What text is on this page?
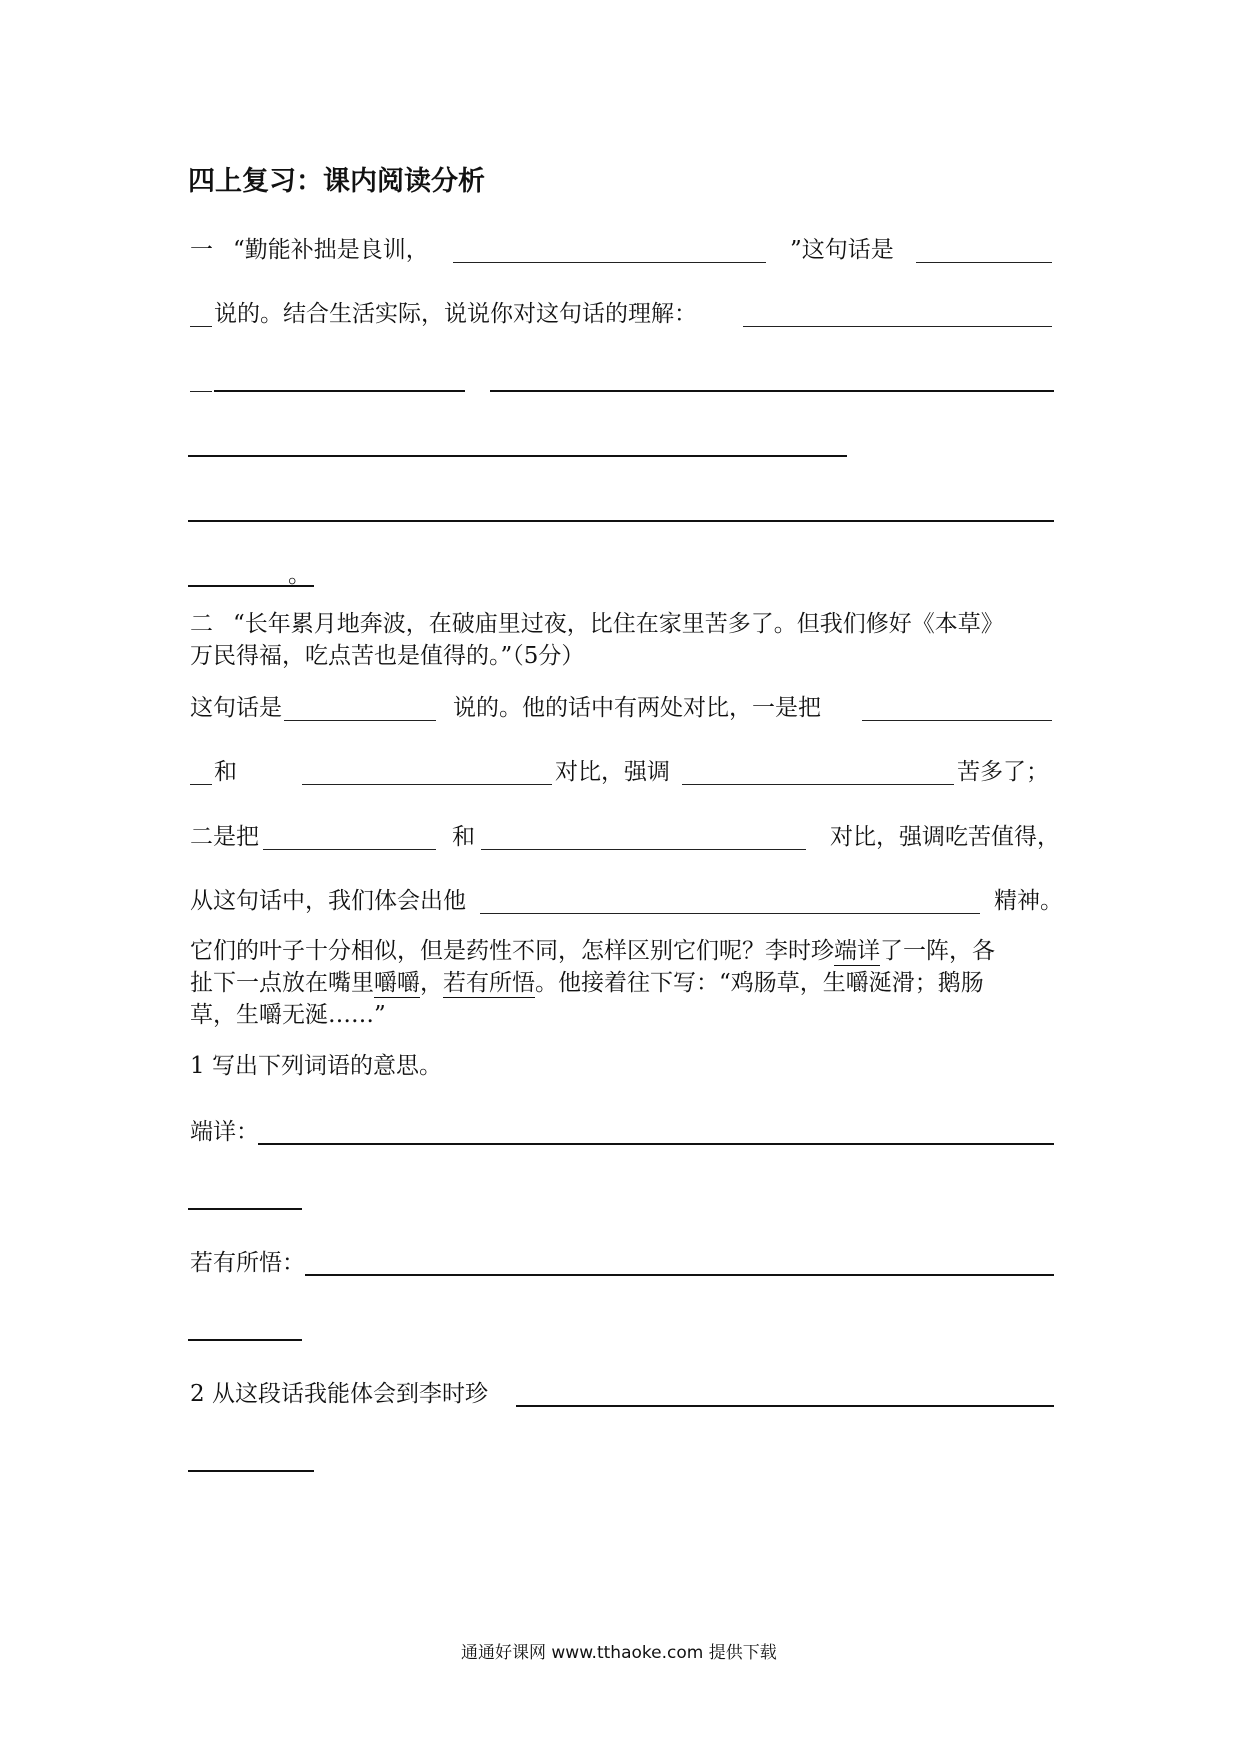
四上复习：课内阅读分析
一 “勤能补拙是良训，	”这句话是
说的。结合生活实际，说说你对这句话的理解：
。
二 “长年累月地奔波，在破庙里过夜，比住在家里苦多了。但我们修好《本草》
万民得福，吃点苦也是值得的。”（5分）
这句话是	说的。他的话中有两处对比，一是把
和	对比，强调	苦多了；
二是把	和	对比，强调吃苦值得，
从这句话中，我们体会出他	精神。
它们的叶子十分相似，但是药性不同，怎样区别它们呢？李时珍端详了一阵，各
扯下一点放在嘴里嚼嚼，若有所悟。他接着往下写：“鸡肠草，生嚼涎滑；鹅肠
草，生嚼无涎……”
1 写出下列词语的意思。
端详：
若有所悟：
2 从这段话我能体会到李时珍
通通好课网 www.tthaoke.com 提供下载
